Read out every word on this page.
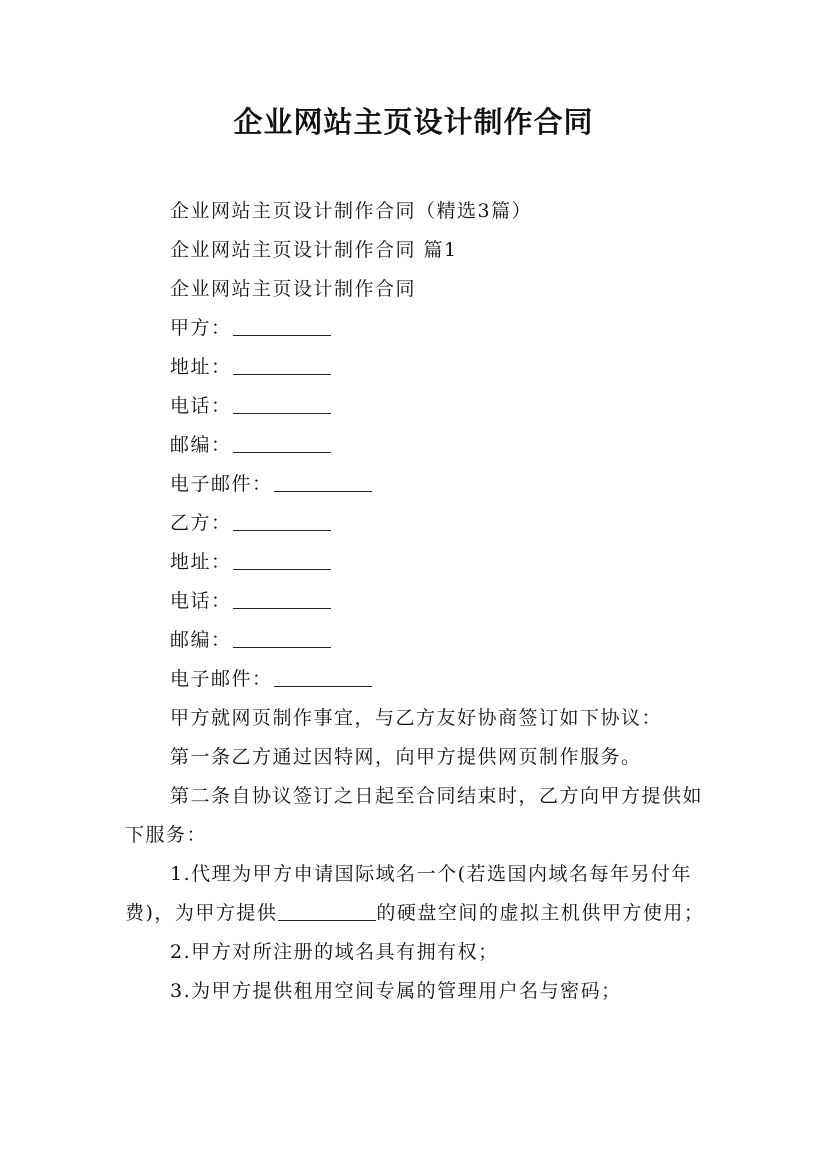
企业网站主页设计制作合同

企业网站主页设计制作合同（精选3篇）

企业网站主页设计制作合同 篇1

企业网站主页设计制作合同

甲方：

地址：

电话：

邮编：

电子邮件：

乙方：

地址：

电话：

邮编：

电子邮件：

甲方就网页制作事宜，与乙方友好协商签订如下协议：

第一条乙方通过因特网，向甲方提供网页制作服务。

第二条自协议签订之日起至合同结束时，乙方向甲方提供如下服务：

1.代理为甲方申请国际域名一个(若选国内域名每年另付年费)，为甲方提供	的硬盘空间的虚拟主机供甲方使用；

2.甲方对所注册的域名具有拥有权；

3.为甲方提供租用空间专属的管理用户名与密码；
